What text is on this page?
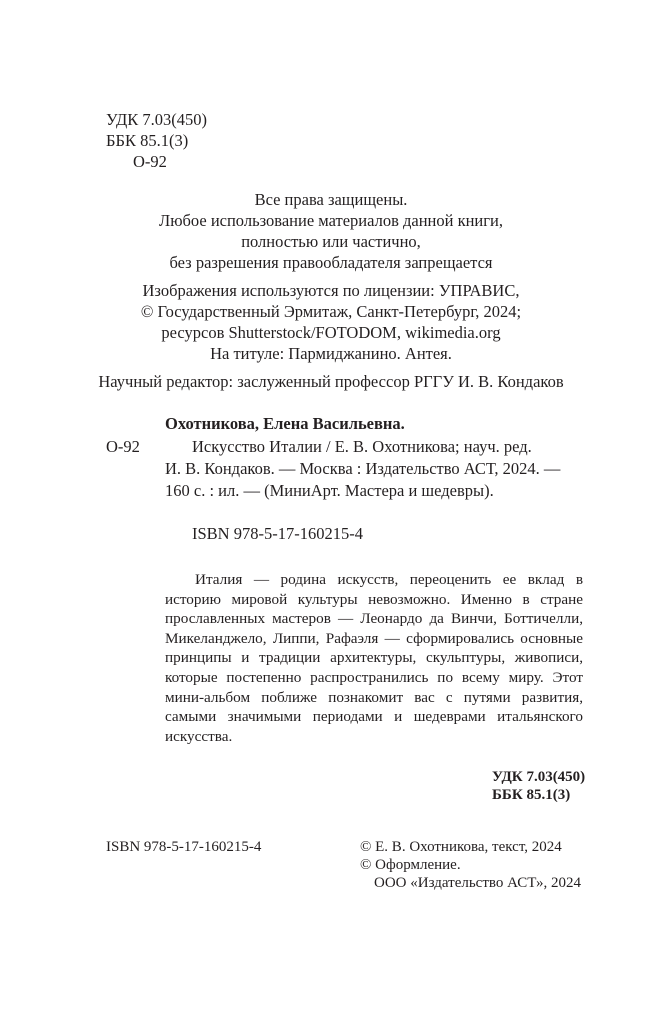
УДК 7.03(450)
ББК 85.1(3)
О-92
Все права защищены.
Любое использование материалов данной книги,
полностью или частично,
без разрешения правообладателя запрещается
Изображения используются по лицензии: УПРАВИС,
© Государственный Эрмитаж, Санкт-Петербург, 2024;
ресурсов Shutterstock/FOTODOM, wikimedia.org
На титуле: Пармиджанино. Антея.
Научный редактор: заслуженный профессор РГГУ И. В. Кондаков
Охотникова, Елена Васильевна.
О-92	Искусство Италии / Е. В. Охотникова; науч. ред.
И. В. Кондаков. — Москва : Издательство АСТ, 2024. —
160 с. : ил. — (МиниАрт. Мастера и шедевры).
ISBN 978-5-17-160215-4
Италия — родина искусств, переоценить ее вклад в историю мировой культуры невозможно. Именно в стране прославленных мастеров — Леонардо да Винчи, Боттичелли, Микеланджело, Липпи, Рафаэля — сформировались основные принципы и традиции архитектуры, скульптуры, живописи, которые постепенно распространились по всему миру. Этот мини-альбом поближе познакомит вас с путями развития, самыми значимыми периодами и шедеврами итальянского искусства.
УДК 7.03(450)
ББК 85.1(3)
ISBN 978-5-17-160215-4	© Е. В. Охотникова, текст, 2024
© Оформление.
ООО «Издательство АСТ», 2024
